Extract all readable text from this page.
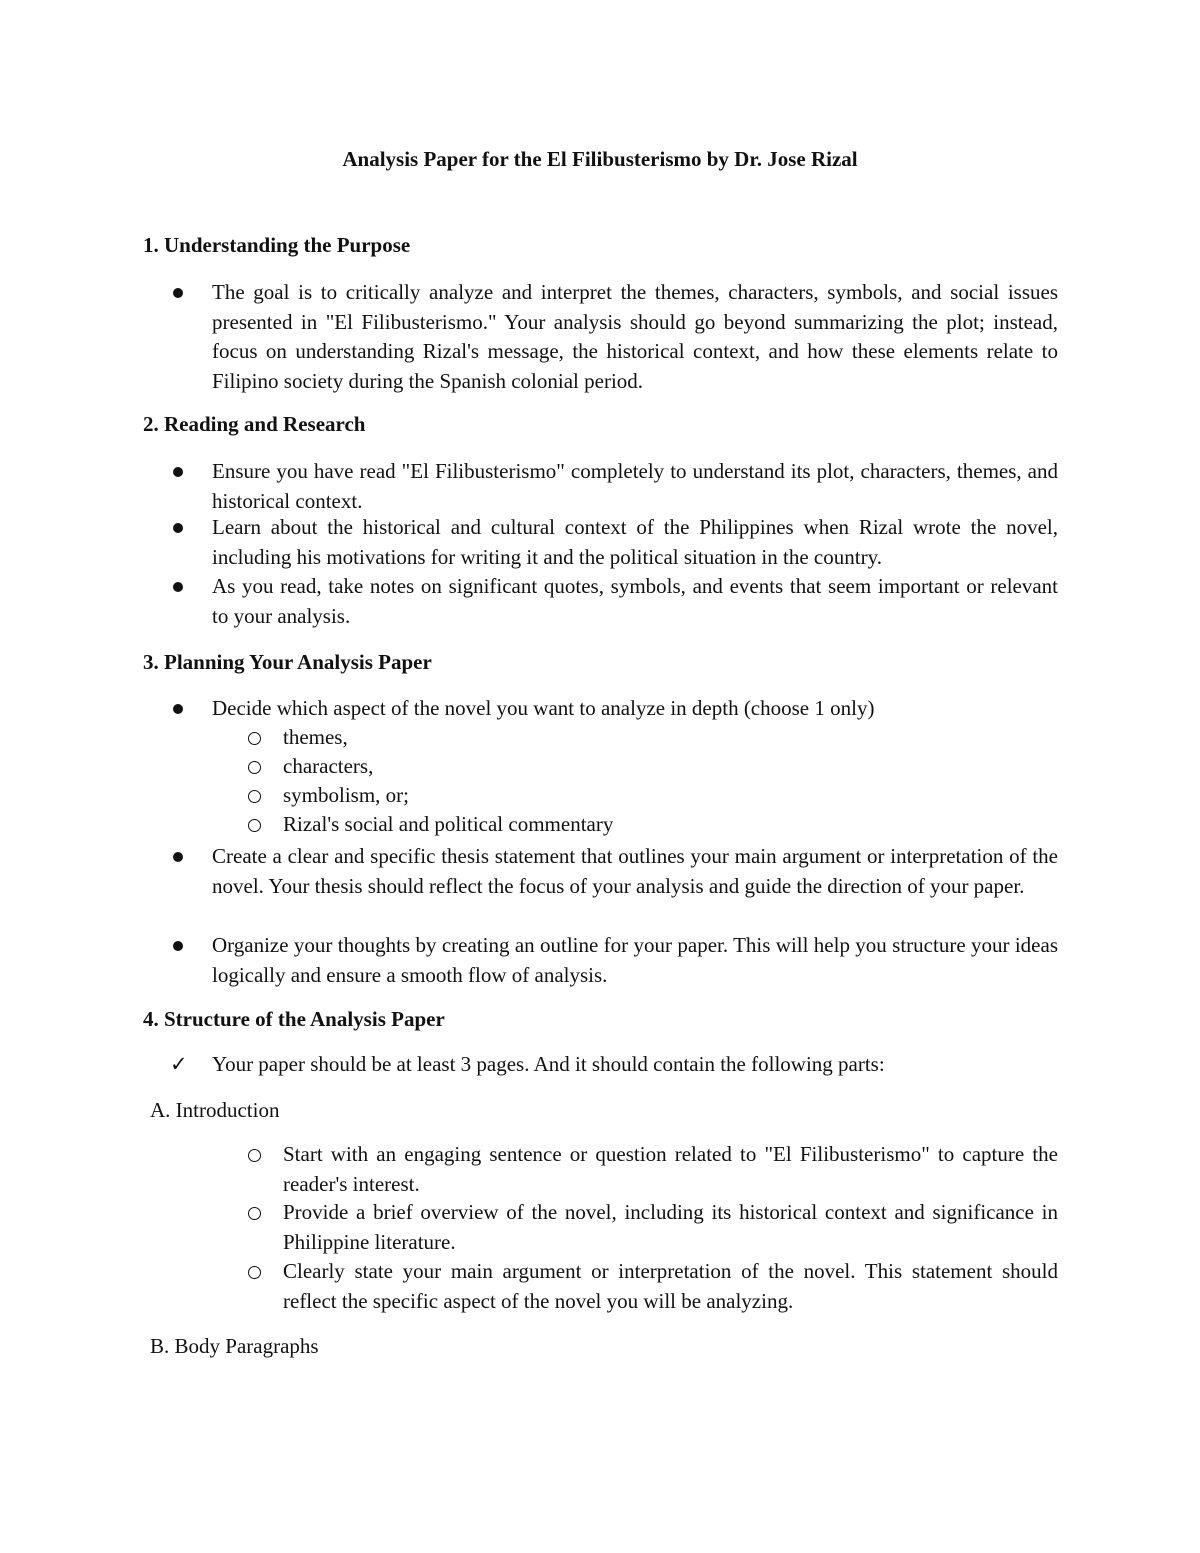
Analysis Paper for the El Filibusterismo by Dr. Jose Rizal
1. Understanding the Purpose
The goal is to critically analyze and interpret the themes, characters, symbols, and social issues presented in "El Filibusterismo." Your analysis should go beyond summarizing the plot; instead, focus on understanding Rizal's message, the historical context, and how these elements relate to Filipino society during the Spanish colonial period.
2. Reading and Research
Ensure you have read "El Filibusterismo" completely to understand its plot, characters, themes, and historical context.
Learn about the historical and cultural context of the Philippines when Rizal wrote the novel, including his motivations for writing it and the political situation in the country.
As you read, take notes on significant quotes, symbols, and events that seem important or relevant to your analysis.
3. Planning Your Analysis Paper
Decide which aspect of the novel you want to analyze in depth (choose 1 only)
themes,
characters,
symbolism, or;
Rizal's social and political commentary
Create a clear and specific thesis statement that outlines your main argument or interpretation of the novel. Your thesis should reflect the focus of your analysis and guide the direction of your paper.
Organize your thoughts by creating an outline for your paper. This will help you structure your ideas logically and ensure a smooth flow of analysis.
4. Structure of the Analysis Paper
✓ Your paper should be at least 3 pages. And it should contain the following parts:
A. Introduction
Start with an engaging sentence or question related to "El Filibusterismo" to capture the reader's interest.
Provide a brief overview of the novel, including its historical context and significance in Philippine literature.
Clearly state your main argument or interpretation of the novel. This statement should reflect the specific aspect of the novel you will be analyzing.
B. Body Paragraphs
